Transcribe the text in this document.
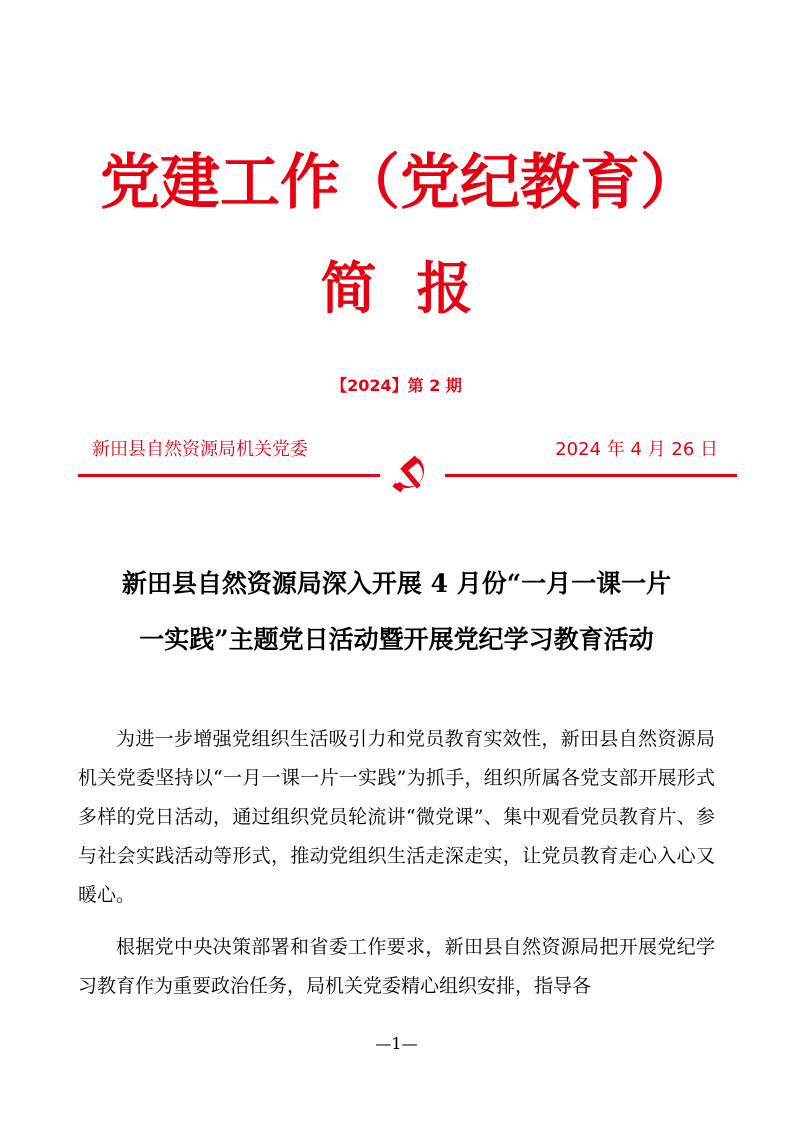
党建工作（党纪教育）
简报
【2024】第 2 期
新田县自然资源局机关党委	2024 年 4 月 26 日
新田县自然资源局深入开展 4 月份“一月一课一片
一实践”主题党日活动暨开展党纪学习教育活动
为进一步增强党组织生活吸引力和党员教育实效性，新田县自然资源局机关党委坚持以“一月一课一片一实践”为抓手，组织所属各党支部开展形式多样的党日活动，通过组织党员轮流讲“微党课”、集中观看党员教育片、参与社会实践活动等形式，推动党组织生活走深走实，让党员教育走心入心又暖心。
根据党中央决策部署和省委工作要求，新田县自然资源局把开展党纪学习教育作为重要政治任务，局机关党委精心组织安排，指导各
—1—
